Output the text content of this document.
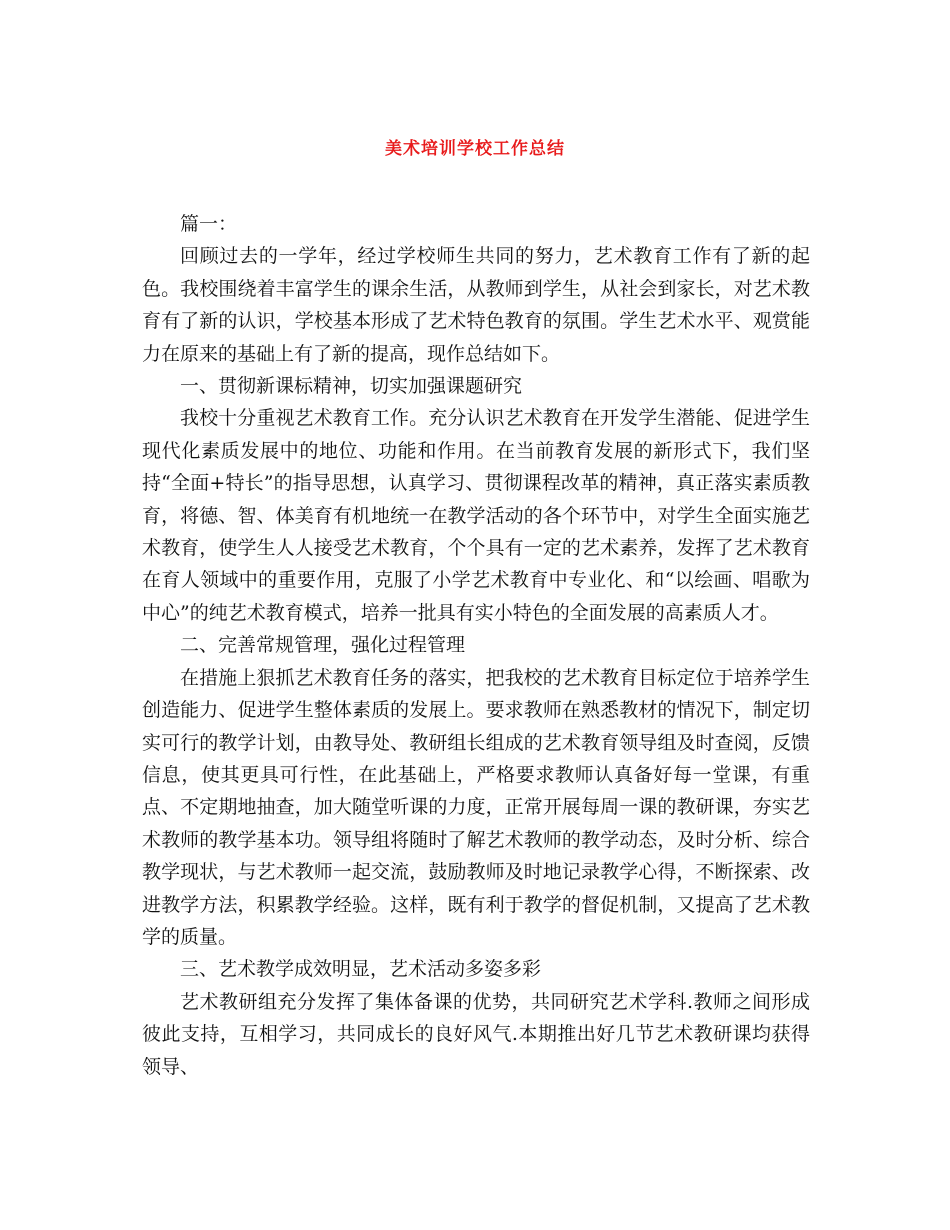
美术培训学校工作总结

篇一：

回顾过去的一学年，经过学校师生共同的努力，艺术教育工作有了新的起色。我校围绕着丰富学生的课余生活，从教师到学生，从社会到家长，对艺术教育有了新的认识，学校基本形成了艺术特色教育的氛围。学生艺术水平、观赏能力在原来的基础上有了新的提高，现作总结如下。

一、贯彻新课标精神，切实加强课题研究

我校十分重视艺术教育工作。充分认识艺术教育在开发学生潜能、促进学生现代化素质发展中的地位、功能和作用。在当前教育发展的新形式下，我们坚持“全面+特长”的指导思想，认真学习、贯彻课程改革的精神，真正落实素质教育，将德、智、体美育有机地统一在教学活动的各个环节中，对学生全面实施艺术教育，使学生人人接受艺术教育，个个具有一定的艺术素养，发挥了艺术教育在育人领域中的重要作用，克服了小学艺术教育中专业化、和“以绘画、唱歌为中心”的纯艺术教育模式，培养一批具有实小特色的全面发展的高素质人才。

二、完善常规管理，强化过程管理

在措施上狠抓艺术教育任务的落实，把我校的艺术教育目标定位于培养学生创造能力、促进学生整体素质的发展上。要求教师在熟悉教材的情况下，制定切实可行的教学计划，由教导处、教研组长组成的艺术教育领导组及时查阅，反馈信息，使其更具可行性，在此基础上，严格要求教师认真备好每一堂课，有重点、不定期地抽查，加大随堂听课的力度，正常开展每周一课的教研课，夯实艺术教师的教学基本功。领导组将随时了解艺术教师的教学动态，及时分析、综合教学现状，与艺术教师一起交流，鼓励教师及时地记录教学心得，不断探索、改进教学方法，积累教学经验。这样，既有利于教学的督促机制，又提高了艺术教学的质量。

三、艺术教学成效明显，艺术活动多姿多彩

艺术教研组充分发挥了集体备课的优势，共同研究艺术学科.教师之间形成彼此支持，互相学习，共同成长的良好风气.本期推出好几节艺术教研课均获得领导、
